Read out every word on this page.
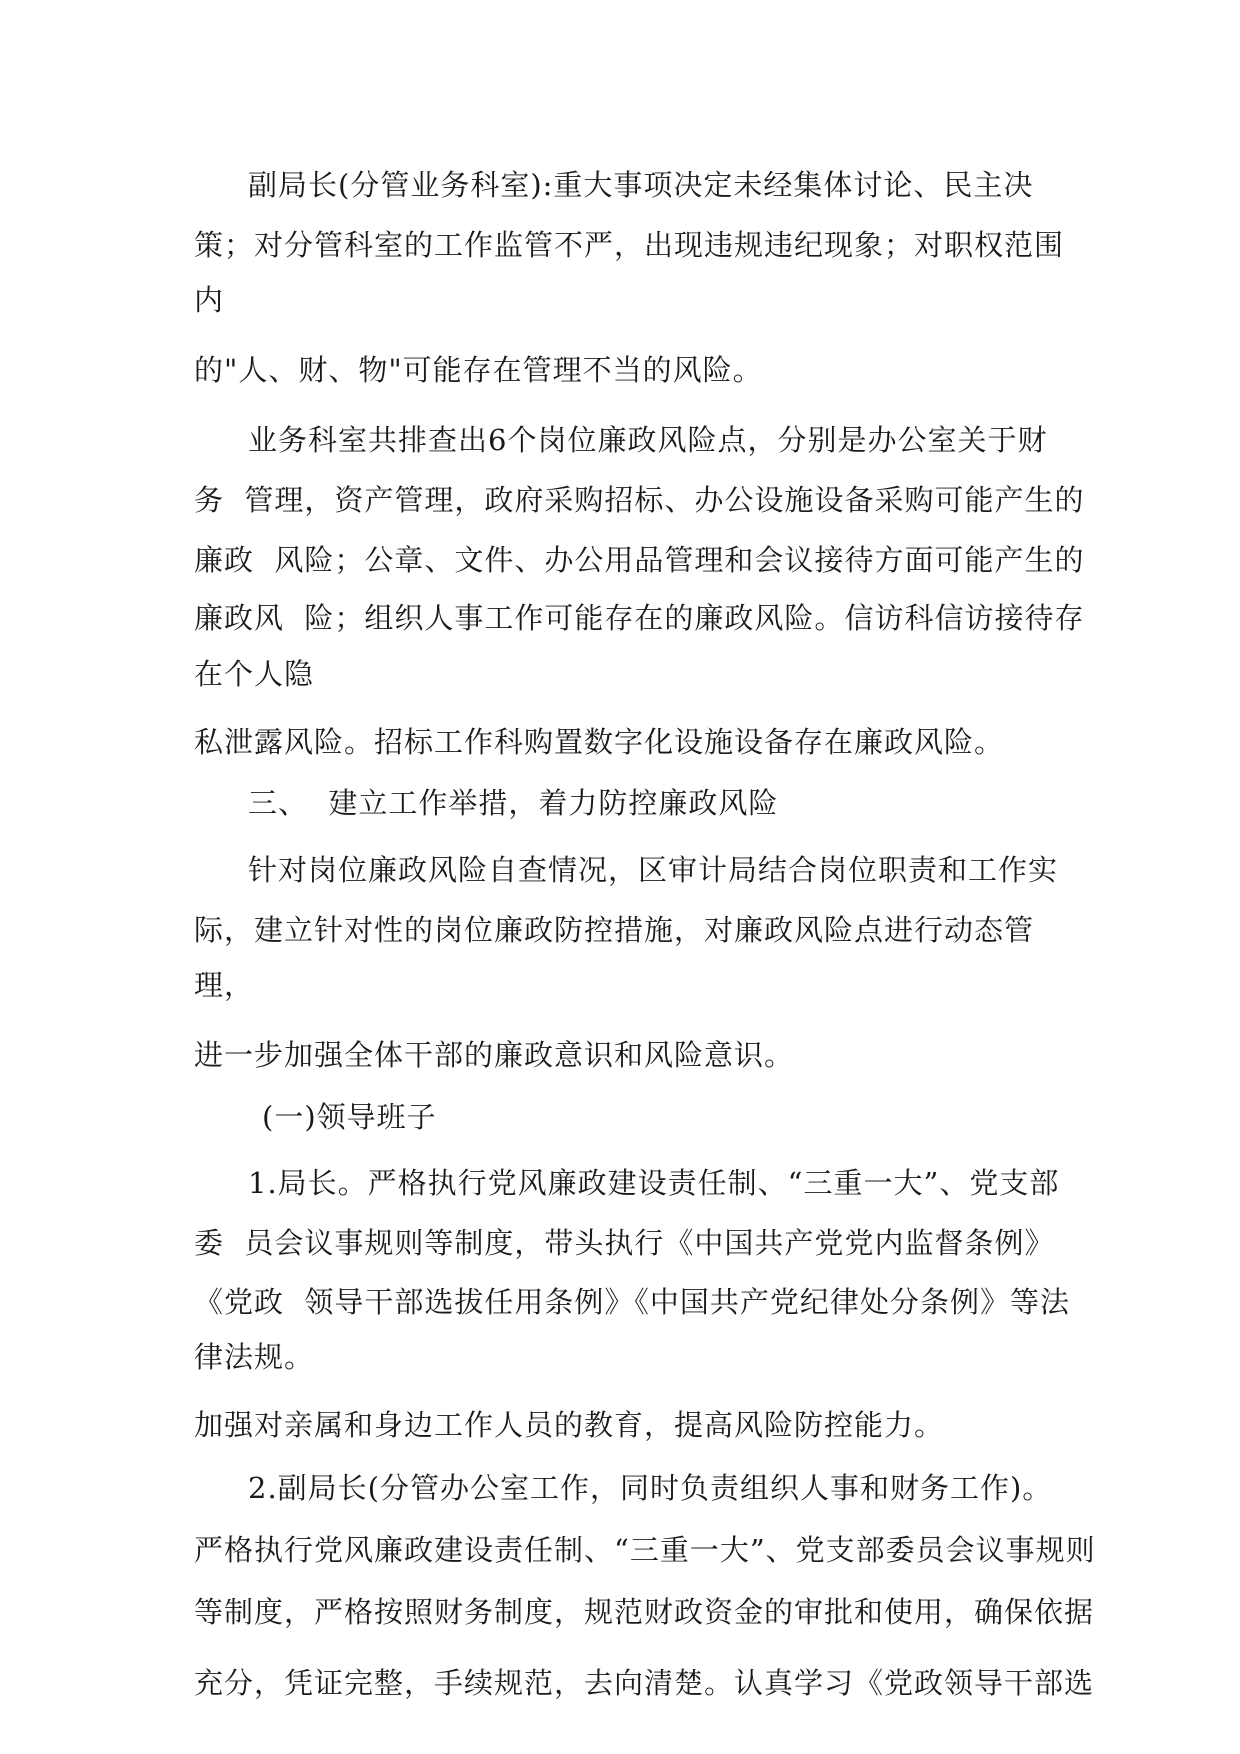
副局长(分管业务科室):重大事项决定未经集体讨论、民主决
策；对分管科室的工作监管不严，出现违规违纪现象；对职权范围
内
的"人、财、物"可能存在管理不当的风险。
业务科室共排查出6个岗位廉政风险点，分别是办公室关于财
务  管理，资产管理，政府采购招标、办公设施设备采购可能产生的
廉政  风险；公章、文件、办公用品管理和会议接待方面可能产生的
廉政风  险；组织人事工作可能存在的廉政风险。信访科信访接待存
在个人隐
私泄露风险。招标工作科购置数字化设施设备存在廉政风险。
三、  建立工作举措，着力防控廉政风险
针对岗位廉政风险自查情况，区审计局结合岗位职责和工作实
际，建立针对性的岗位廉政防控措施，对廉政风险点进行动态管
理，
进一步加强全体干部的廉政意识和风险意识。
(一)领导班子
1.局长。严格执行党风廉政建设责任制、“三重一大”、党支部
委  员会议事规则等制度，带头执行《中国共产党党内监督条例》
《党政  领导干部选拔任用条例》《中国共产党纪律处分条例》等法
律法规。
加强对亲属和身边工作人员的教育，提高风险防控能力。
2.副局长(分管办公室工作，同时负责组织人事和财务工作)。
严格执行党风廉政建设责任制、“三重一大”、党支部委员会议事规则
等制度，严格按照财务制度，规范财政资金的审批和使用，确保依据
充分，凭证完整，手续规范，去向清楚。认真学习《党政领导干部选
